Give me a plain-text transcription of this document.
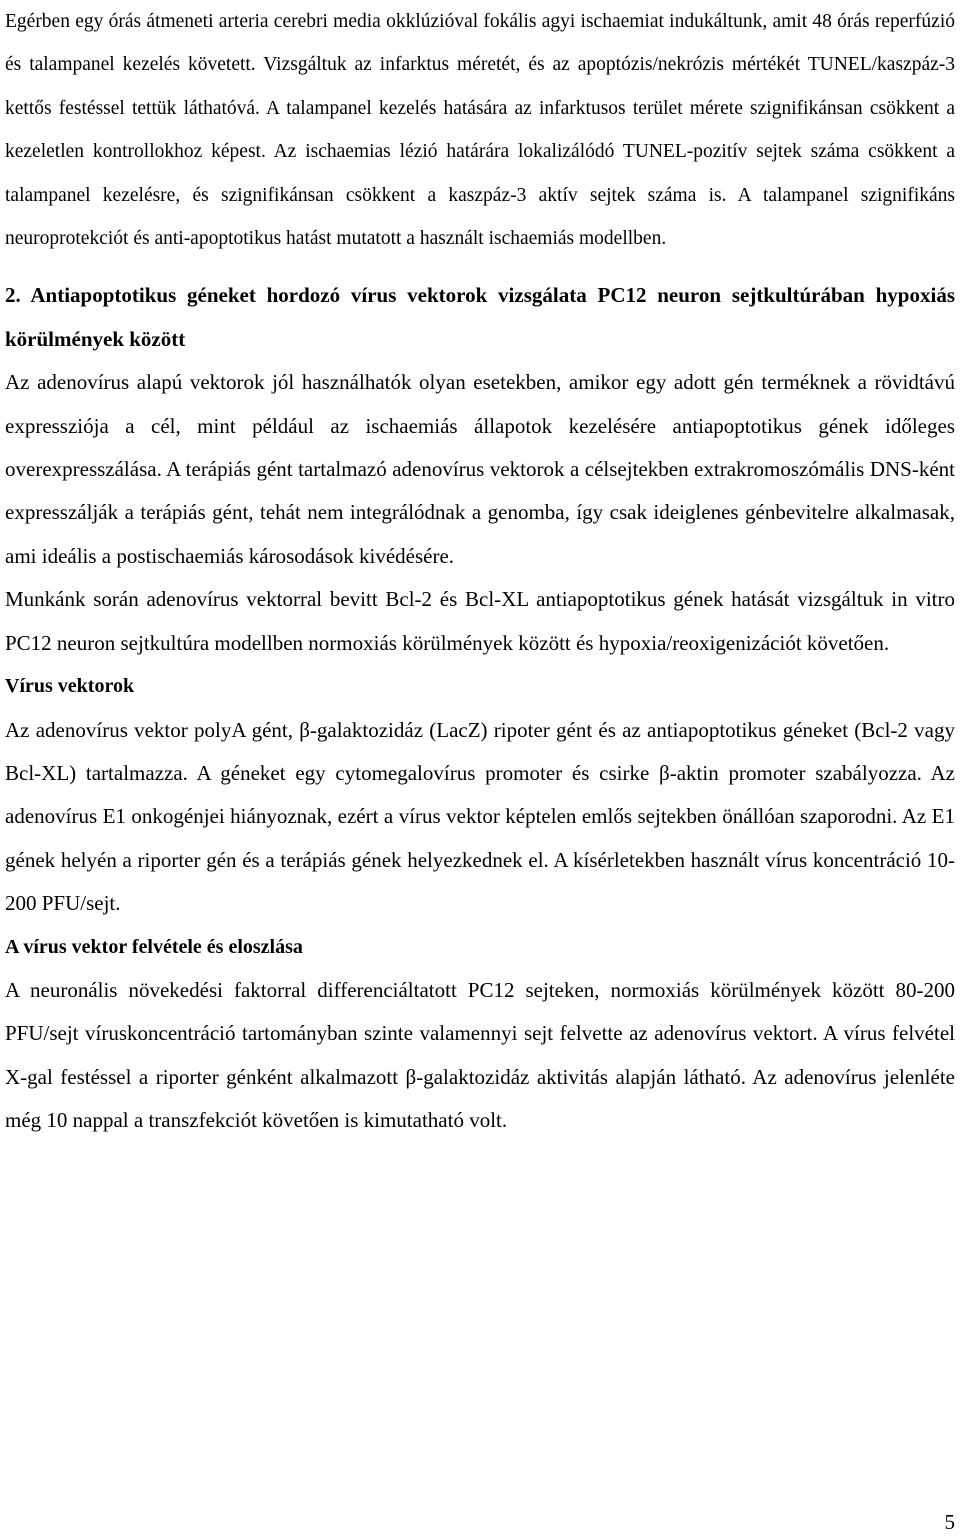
Egérben egy órás átmeneti arteria cerebri media okklúzióval fokális agyi ischaemiat indukáltunk, amit 48 órás reperfúzió és talampanel kezelés követett. Vizsgáltuk az infarktus méretét, és az apoptózis/nekrózis mértékét TUNEL/kaszpáz-3 kettős festéssel tettük láthatóvá. A talampanel kezelés hatására az infarktusos terület mérete szignifikánsan csökkent a kezeletlen kontrollokhoz képest. Az ischaemias lézió határára lokalizálódó TUNEL-pozitív sejtek száma csökkent a talampanel kezelésre, és szignifikánsan csökkent a kaszpáz-3 aktív sejtek száma is. A talampanel szignifikáns neuroprotekciót és anti-apoptotikus hatást mutatott a használt ischaemiás modellben.

2. Antiapoptotikus géneket hordozó vírus vektorok vizsgálata PC12 neuron sejtkultúrában hypoxiás körülmények között

Az adenovírus alapú vektorok jól használhatók olyan esetekben, amikor egy adott gén terméknek a rövidtávú expressziója a cél, mint például az ischaemiás állapotok kezelésére antiapoptotikus gének időleges overexpresszálása. A terápiás gént tartalmazó adenovírus vektorok a célsejtekben extrakromoszómális DNS-ként expresszálják a terápiás gént, tehát nem integrálódnak a genomba, így csak ideiglenes génbevitelre alkalmasak, ami ideális a postischaemiás károsodások kivédésére.

Munkánk során adenovírus vektorral bevitt Bcl-2 és Bcl-XL antiapoptotikus gének hatását vizsgáltuk in vitro PC12 neuron sejtkultúra modellben normoxiás körülmények között és hypoxia/reoxigenizációt követően.

Vírus vektorok

Az adenovírus vektor polyA gént, β-galaktozidáz (LacZ) ripoter gént és az antiapoptotikus géneket (Bcl-2 vagy Bcl-XL) tartalmazza. A géneket egy cytomegalovírus promoter és csirke β-aktin promoter szabályozza. Az adenovírus E1 onkogénjei hiányoznak, ezért a vírus vektor képtelen emlős sejtekben önállóan szaporodni. Az E1 gének helyén a riporter gén és a terápiás gének helyezkednek el. A kísérletekben használt vírus koncentráció 10-200 PFU/sejt.

A vírus vektor felvétele és eloszlása

A neuronális növekedési faktorral differenciáltatott PC12 sejteken, normoxiás körülmények között 80-200 PFU/sejt víruskoncentráció tartományban szinte valamennyi sejt felvette az adenovírus vektort. A vírus felvétel X-gal festéssel a riporter génként alkalmazott β-galaktozidáz aktivitás alapján látható. Az adenovírus jelenléte még 10 nappal a transzfekciót követően is kimutatható volt.

5
